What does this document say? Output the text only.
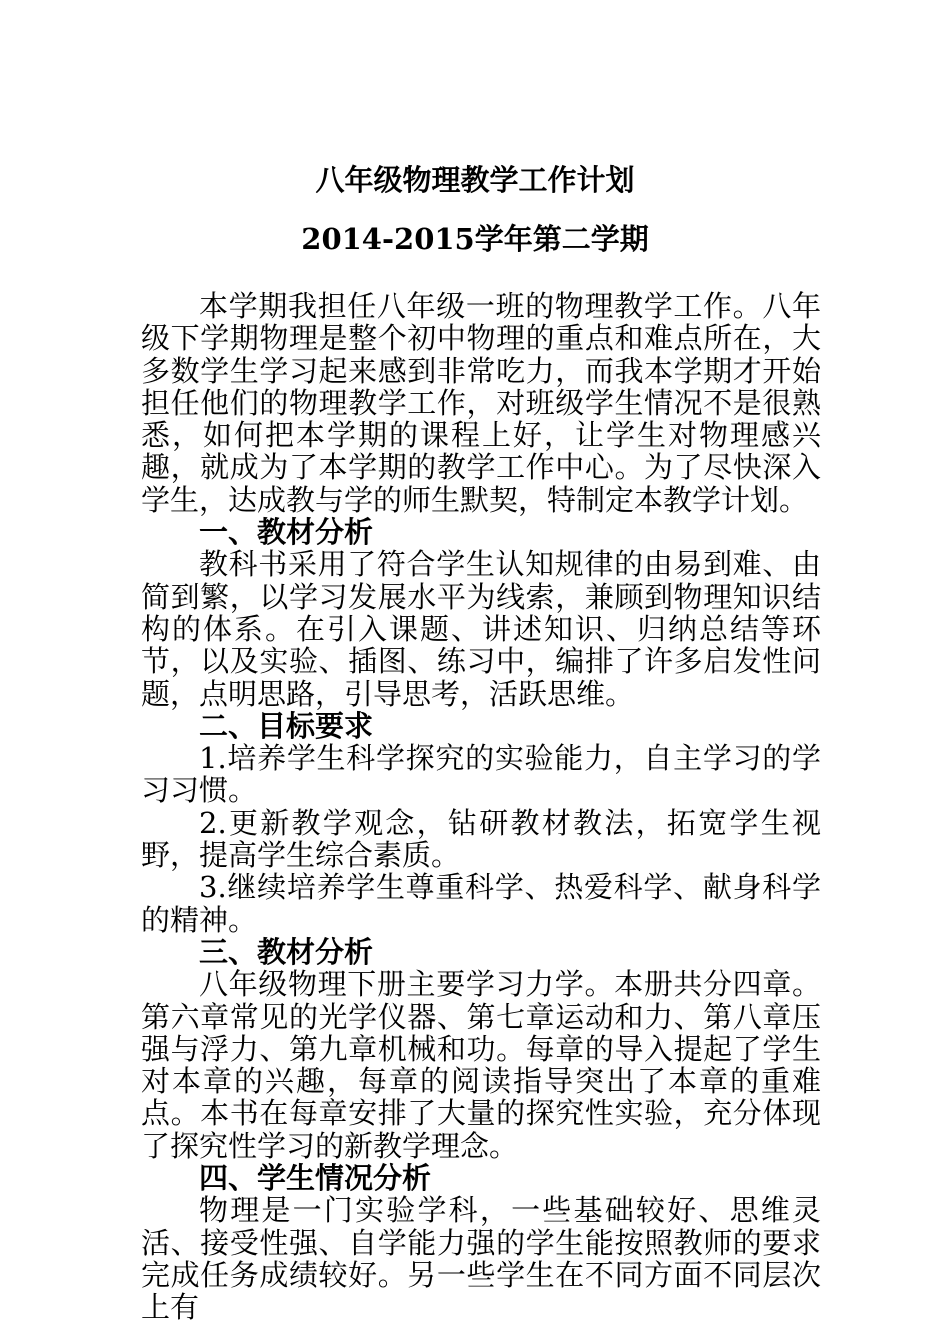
八年级物理教学工作计划
2014-2015学年第二学期

本学期我担任八年级一班的物理教学工作。八年级下学期物理是整个初中物理的重点和难点所在，大多数学生学习起来感到非常吃力，而我本学期才开始担任他们的物理教学工作，对班级学生情况不是很熟悉，如何把本学期的课程上好，让学生对物理感兴趣，就成为了本学期的教学工作中心。为了尽快深入学生，达成教与学的师生默契，特制定本教学计划。

一、教材分析

教科书采用了符合学生认知规律的由易到难、由简到繁，以学习发展水平为线索，兼顾到物理知识结构的体系。在引入课题、讲述知识、归纳总结等环节，以及实验、插图、练习中，编排了许多启发性问题，点明思路，引导思考，活跃思维。

二、目标要求

1.培养学生科学探究的实验能力，自主学习的学习习惯。

2.更新教学观念，钻研教材教法，拓宽学生视野，提高学生综合素质。

3.继续培养学生尊重科学、热爱科学、献身科学的精神。

三、教材分析

八年级物理下册主要学习力学。本册共分四章。第六章常见的光学仪器、第七章运动和力、第八章压强与浮力、第九章机械和功。每章的导入提起了学生对本章的兴趣，每章的阅读指导突出了本章的重难点。本书在每章安排了大量的探究性实验，充分体现了探究性学习的新教学理念。

四、学生情况分析

物理是一门实验学科，一些基础较好、思维灵活、接受性强、自学能力强的学生能按照教师的要求完成任务成绩较好。另一些学生在不同方面不同层次上有
